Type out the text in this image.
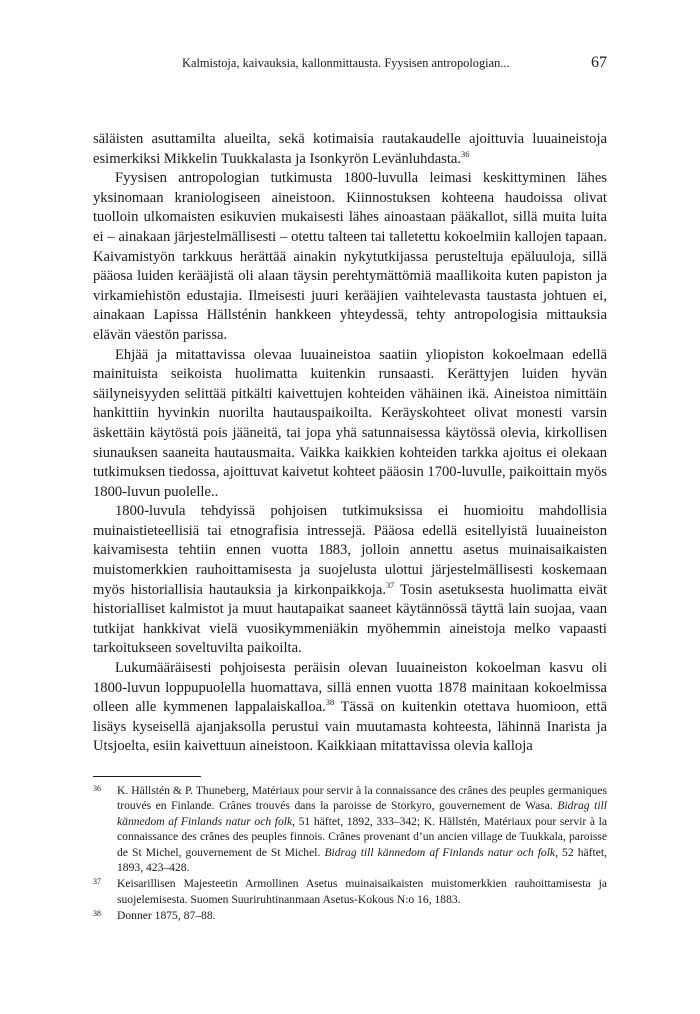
Kalmistoja, kaivauksia, kallonmittausta. Fyysisen antropologian...	67

säläisten asuttamilta alueilta, sekä kotimaisia rautakaudelle ajoittuvia luuaineistoja esimerkiksi Mikkelin Tuukkalasta ja Isonkyrön Levänluhdasta.$^{36}$

Fyysisen antropologian tutkimusta 1800-luvulla leimasi keskittyminen lähes yksinomaan kraniologiseen aineistoon. Kiinnostuksen kohteena haudoissa olivat tuolloin ulkomaisten esikuvien mukaisesti lähes ainoastaan pääkallot, sillä muita luita ei – ainakaan järjestelmällisesti – otettu talteen tai talletettu kokoelmiin kallojen tapaan. Kaivamistyön tarkkuus herättää ainakin nykytutkijassa perusteltuja epäluuloja, sillä pääosa luiden kerääjistä oli alaan täysin perehtymättömiä maallikoita kuten papiston ja virkamiehistön edustajia. Ilmeisesti juuri kerääjien vaihtelevasta taustasta johtuen ei, ainakaan Lapissa Hällsténin hankkeen yhteydessä, tehty antropologisia mittauksia elävän väestön parissa.

Ehjää ja mitattavissa olevaa luuaineistoa saatiin yliopiston kokoelmaan edellä mainituista seikoista huolimatta kuitenkin runsaasti. Kerättyjen luiden hyvän säilyneisyyden selittää pitkälti kaivettujen kohteiden vähäinen ikä. Aineistoa nimittäin hankittiin hyvinkin nuorilta hautauspaikoilta. Keräyskohteet olivat monesti varsin äskettäin käytöstä pois jääneitä, tai jopa yhä satunnaisessa käytössä olevia, kirkollisen siunauksen saaneita hautausmaita. Vaikka kaikkien kohteiden tarkka ajoitus ei olekaan tutkimuksen tiedossa, ajoittuvat kaivetut kohteet pääosin 1700-luvulle, paikoittain myös 1800-luvun puolelle..

1800-luvula tehdyissä pohjoisen tutkimuksissa ei huomioitu mahdollisia muinaistieteellisiä tai etnografisia intressejä. Pääosa edellä esitellyistä luuaineiston kaivamisesta tehtiin ennen vuotta 1883, jolloin annettu asetus muinaisaikaisten muistomerkkien rauhoittamisesta ja suojelusta ulottui järjestelmällisesti koskemaan myös historiallisia hautauksia ja kirkonpaikkoja.$^{37}$ Tosin asetuksesta huolimatta eivät historialliset kalmistot ja muut hautapaikat saaneet käytännössä täyttä lain suojaa, vaan tutkijat hankkivat vielä vuosikymmeniäkin myöhemmin aineistoja melko vapaasti tarkoitukseen soveltuvilta paikoilta.

Lukumääräisesti pohjoisesta peräisin olevan luuaineiston kokoelman kasvu oli 1800-luvun loppupuolella huomattava, sillä ennen vuotta 1878 mainitaan kokoelmissa olleen alle kymmenen lappalaiskalloa.$^{38}$ Tässä on kuitenkin otettava huomioon, että lisäys kyseisellä ajanjaksolla perustui vain muutamasta kohteesta, lähinnä Inarista ja Utsjoelta, esiin kaivettuun aineistoon. Kaikkiaan mitattavissa olevia kalloja

36 K. Hällstén & P. Thuneberg, Matériaux pour servir à la connaissance des crânes des peuples germaniques trouvés en Finlande. Crânes trouvés dans la paroisse de Storkyro, gouvernement de Wasa. Bidrag till kännedom af Finlands natur och folk, 51 häftet, 1892, 333–342; K. Hällstén, Matériaux pour servir à la connaissance des crânes des peuples finnois. Crânes provenant d’un ancien village de Tuukkala, paroisse de St Michel, gouvernement de St Michel. Bidrag till kännedom af Finlands natur och folk, 52 häftet, 1893, 423–428.
37 Keisarillisen Majesteetin Armollinen Asetus muinaisaikaisten muistomerkkien rauhoittamisesta ja suojelemisesta. Suomen Suuriruhtinanmaan Asetus-Kokous N:o 16, 1883.
38 Donner 1875, 87–88.
